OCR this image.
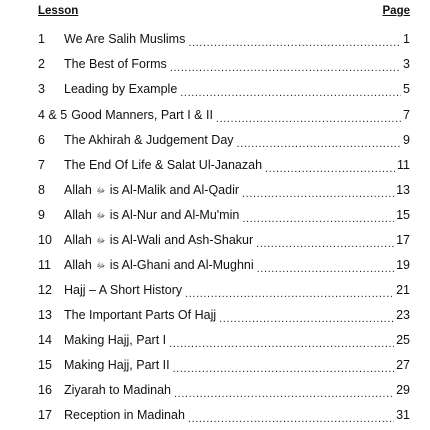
Lesson	Page
1	We Are Salih Muslims .....	1
2	The Best of Forms .....	3
3	Leading by Example .....	5
4 & 5 Good Manners, Part I & II .....	7
6	The Akhirah & Judgement Day .....	9
7	The End Of Life & Salat Ul-Janazah .....	11
8	Allah ﷻ is Al-Malik and Al-Qadir .....	13
9	Allah ﷻ is Al-Nur and Al-Mu'min .....	15
10 Allah ﷻ is Al-Wali and Ash-Shakur .....	17
11	Allah ﷻ is Al-Ghani and Al-Mughni .....	19
12 Hajj – A Short History .....	21
13 The Important Parts Of Hajj .....	23
14 Making Hajj, Part I .....	25
15 Making Hajj, Part II .....	27
16 Ziyarah to Madinah .....	29
17 Reception in Madinah .....	31
